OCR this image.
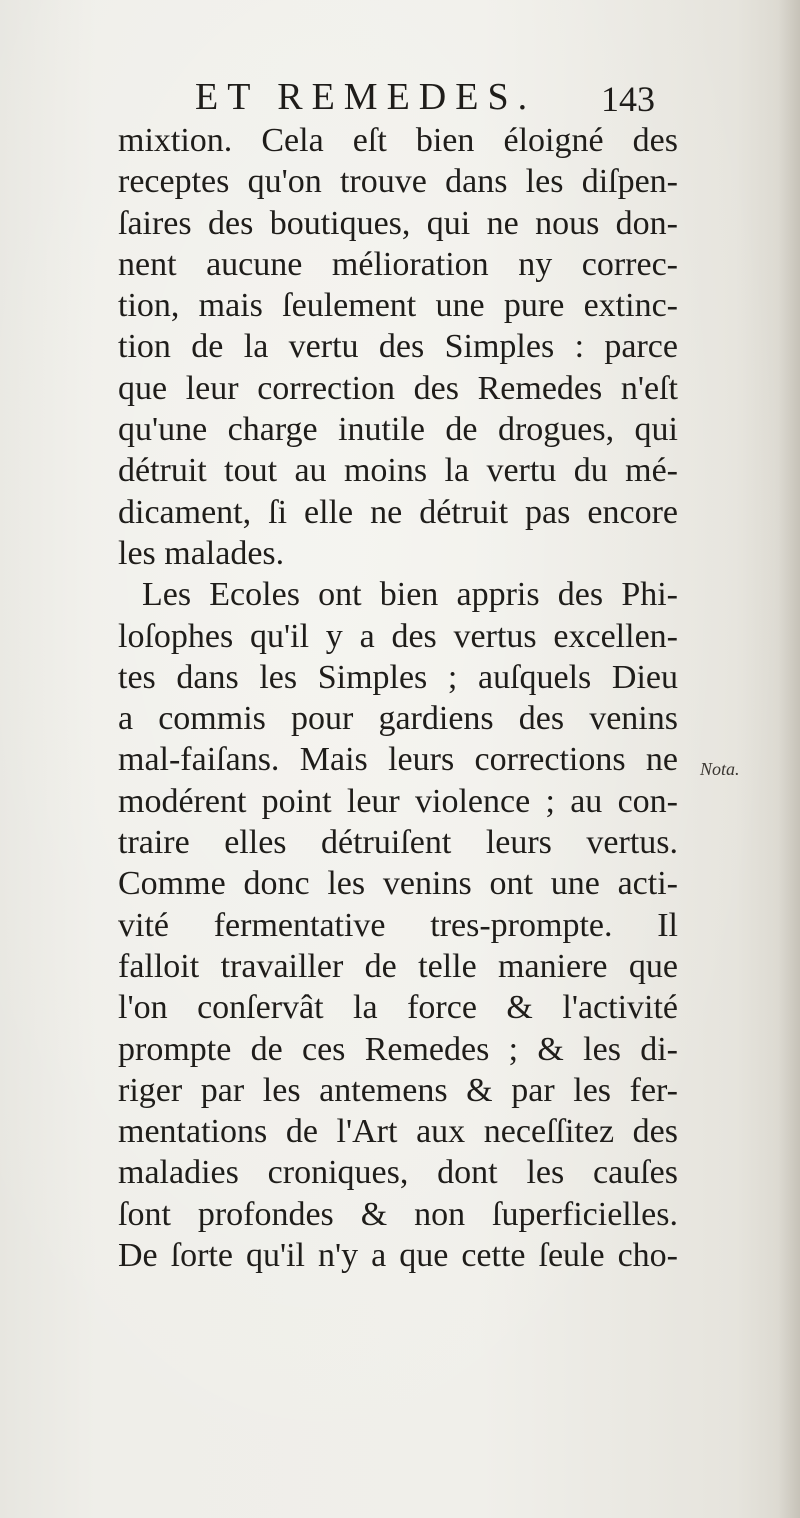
ET REMEDES. 143
mixtion. Cela eſt bien éloigné des
receptes qu'on trouve dans les diſpen-
ſaires des boutiques, qui ne nous don-
nent aucune mélioration ny correc-
tion, mais ſeulement une pure extinc-
tion de la vertu des Simples : parce
que leur correction des Remedes n'eſt
qu'une charge inutile de drogues, qui
détruit tout au moins la vertu du mé-
dicament, ſi elle ne détruit pas encore
les malades.
Les Ecoles ont bien appris des Phi-
loſophes qu'il y a des vertus excellen-
tes dans les Simples ; auſquels Dieu
a commis pour gardiens des venins
mal-faiſans. Mais leurs corrections ne
modérent point leur violence ; au con-
traire elles détruiſent leurs vertus.
Comme donc les venins ont une acti-
vité fermentative tres-prompte. Il
falloit travailler de telle maniere que
l'on conſervât la force & l'activité
prompte de ces Remedes ; & les di-
riger par les antemens & par les fer-
mentations de l'Art aux neceſſitez des
maladies croniques, dont les cauſes
ſont profondes & non ſuperficielles.
De ſorte qu'il n'y a que cette ſeule cho-
Nota.
